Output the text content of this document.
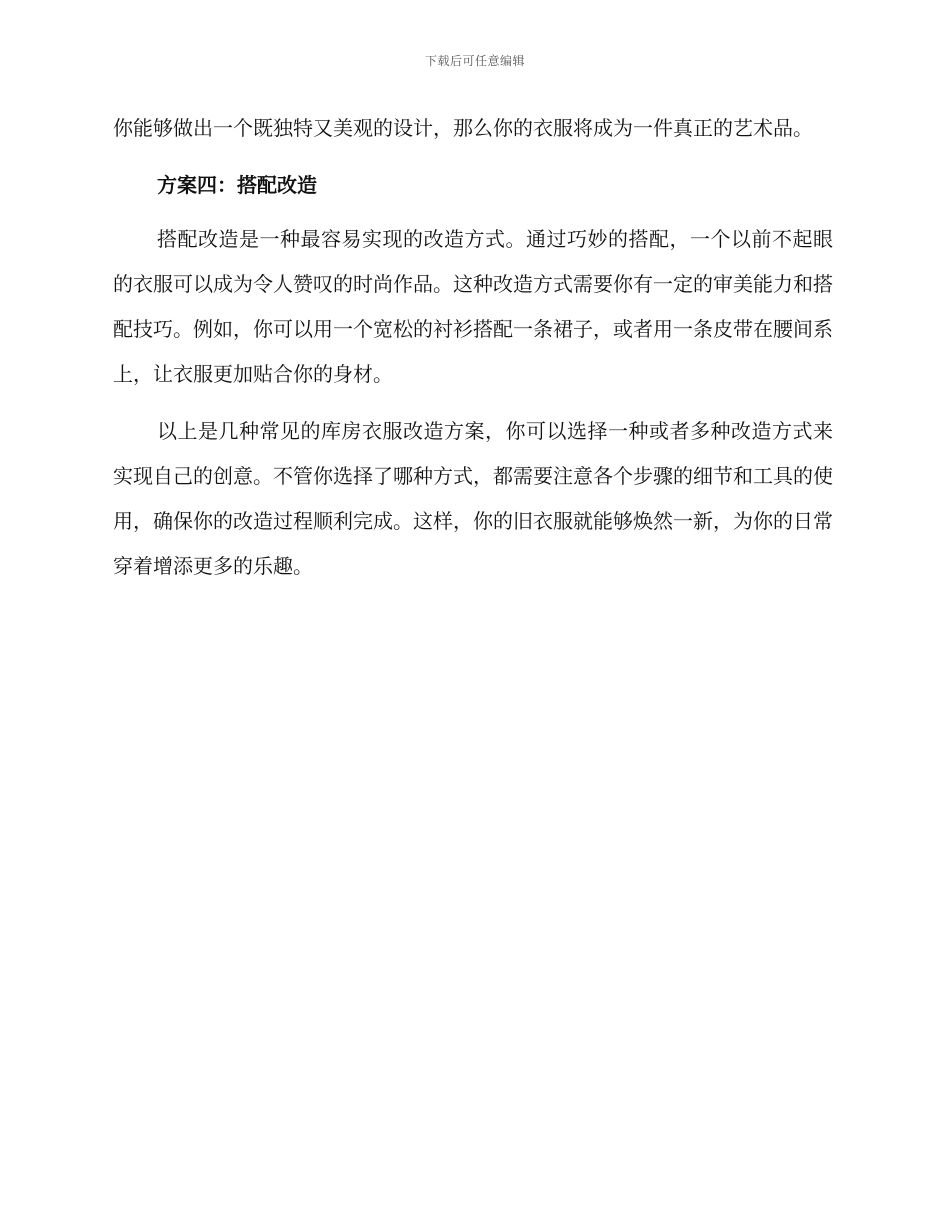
下载后可任意编辑

你能够做出一个既独特又美观的设计，那么你的衣服将成为一件真正的艺术品。

方案四：搭配改造

搭配改造是一种最容易实现的改造方式。通过巧妙的搭配，一个以前不起眼的衣服可以成为令人赞叹的时尚作品。这种改造方式需要你有一定的审美能力和搭配技巧。例如，你可以用一个宽松的衬衫搭配一条裙子，或者用一条皮带在腰间系上，让衣服更加贴合你的身材。

以上是几种常见的库房衣服改造方案，你可以选择一种或者多种改造方式来实现自己的创意。不管你选择了哪种方式，都需要注意各个步骤的细节和工具的使用，确保你的改造过程顺利完成。这样，你的旧衣服就能够焕然一新，为你的日常穿着增添更多的乐趣。
